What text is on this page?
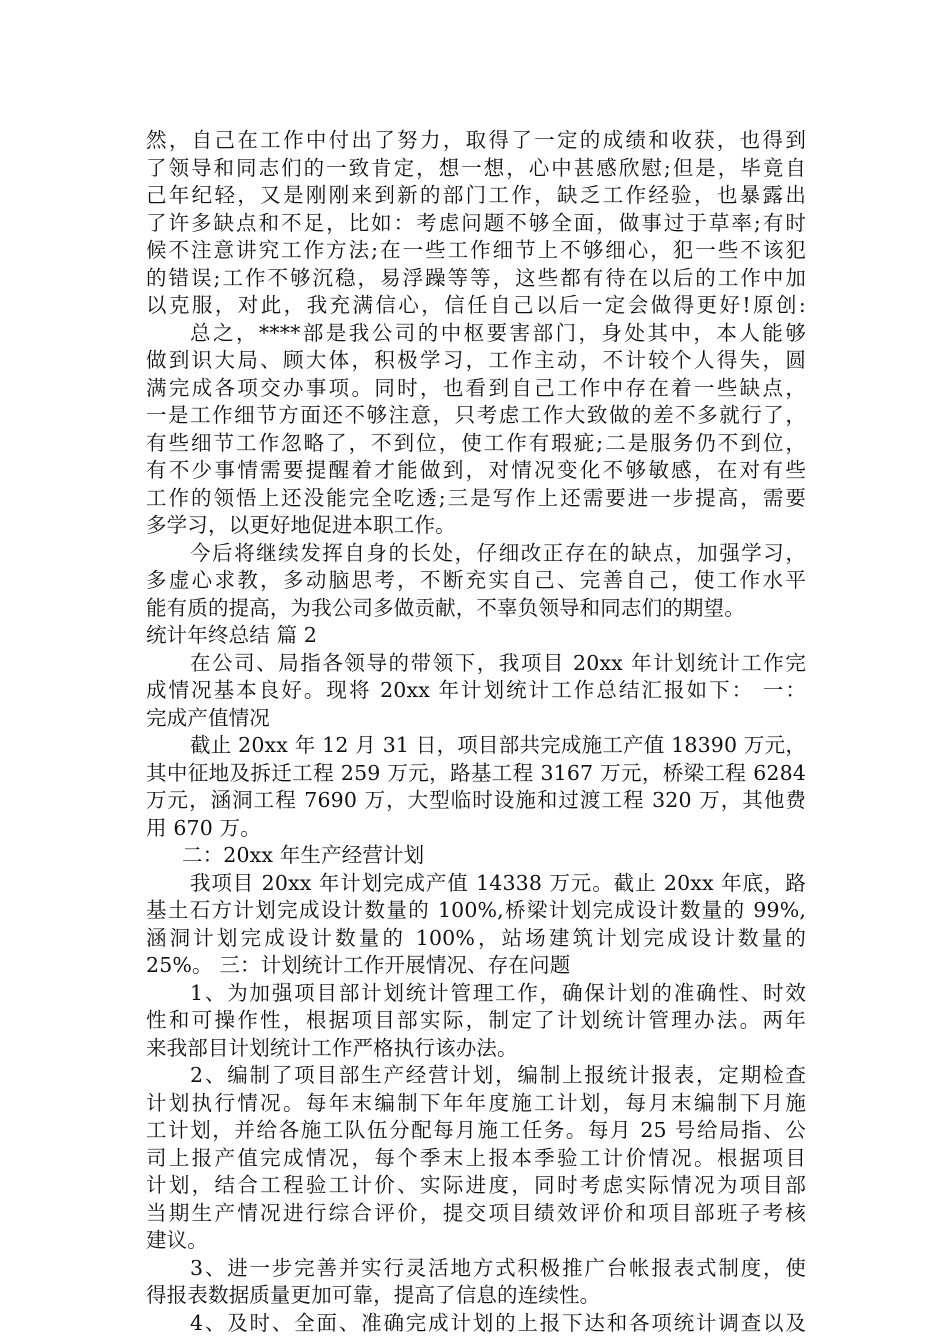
然，自己在工作中付出了努力，取得了一定的成绩和收获，也得到
了领导和同志们的一致肯定，想一想，心中甚感欣慰;但是，毕竟自
己年纪轻，又是刚刚来到新的部门工作，缺乏工作经验，也暴露出
了许多缺点和不足，比如：考虑问题不够全面，做事过于草率;有时
候不注意讲究工作方法;在一些工作细节上不够细心，犯一些不该犯
的错误;工作不够沉稳，易浮躁等等，这些都有待在以后的工作中加
以克服，对此，我充满信心，信任自己以后一定会做得更好!原创:
总之，****部是我公司的中枢要害部门，身处其中，本人能够
做到识大局、顾大体，积极学习，工作主动，不计较个人得失，圆
满完成各项交办事项。同时，也看到自己工作中存在着一些缺点，
一是工作细节方面还不够注意，只考虑工作大致做的差不多就行了，
有些细节工作忽略了，不到位，使工作有瑕疵;二是服务仍不到位，
有不少事情需要提醒着才能做到，对情况变化不够敏感，在对有些
工作的领悟上还没能完全吃透;三是写作上还需要进一步提高，需要
多学习，以更好地促进本职工作。
今后将继续发挥自身的长处，仔细改正存在的缺点，加强学习，
多虚心求教，多动脑思考，不断充实自己、完善自己，使工作水平
能有质的提高，为我公司多做贡献，不辜负领导和同志们的期望。
统计年终总结 篇 2
在公司、局指各领导的带领下，我项目 20xx 年计划统计工作完
成情况基本良好。现将 20xx 年计划统计工作总结汇报如下： 一：
完成产值情况
截止 20xx 年 12 月 31 日，项目部共完成施工产值 18390 万元，
其中征地及拆迁工程 259 万元，路基工程 3167 万元，桥梁工程 6284
万元，涵洞工程 7690 万，大型临时设施和过渡工程 320 万，其他费
用 670 万。
二：20xx 年生产经营计划
我项目 20xx 年计划完成产值 14338 万元。截止 20xx 年底，路
基土石方计划完成设计数量的 100%,桥梁计划完成设计数量的 99%,
涵洞计划完成设计数量的 100%，站场建筑计划完成设计数量的
25%。 三：计划统计工作开展情况、存在问题
1、为加强项目部计划统计管理工作，确保计划的准确性、时效
性和可操作性，根据项目部实际，制定了计划统计管理办法。两年
来我部目计划统计工作严格执行该办法。
2、编制了项目部生产经营计划，编制上报统计报表，定期检查
计划执行情况。每年末编制下年年度施工计划，每月末编制下月施
工计划，并给各施工队伍分配每月施工任务。每月 25 号给局指、公
司上报产值完成情况，每个季末上报本季验工计价情况。根据项目
计划，结合工程验工计价、实际进度，同时考虑实际情况为项目部
当期生产情况进行综合评价，提交项目绩效评价和项目部班子考核
建议。
3、进一步完善并实行灵活地方式积极推广台帐报表式制度，使
得报表数据质量更加可靠，提高了信息的连续性。
4、及时、全面、准确完成计划的上报下达和各项统计调查以及
